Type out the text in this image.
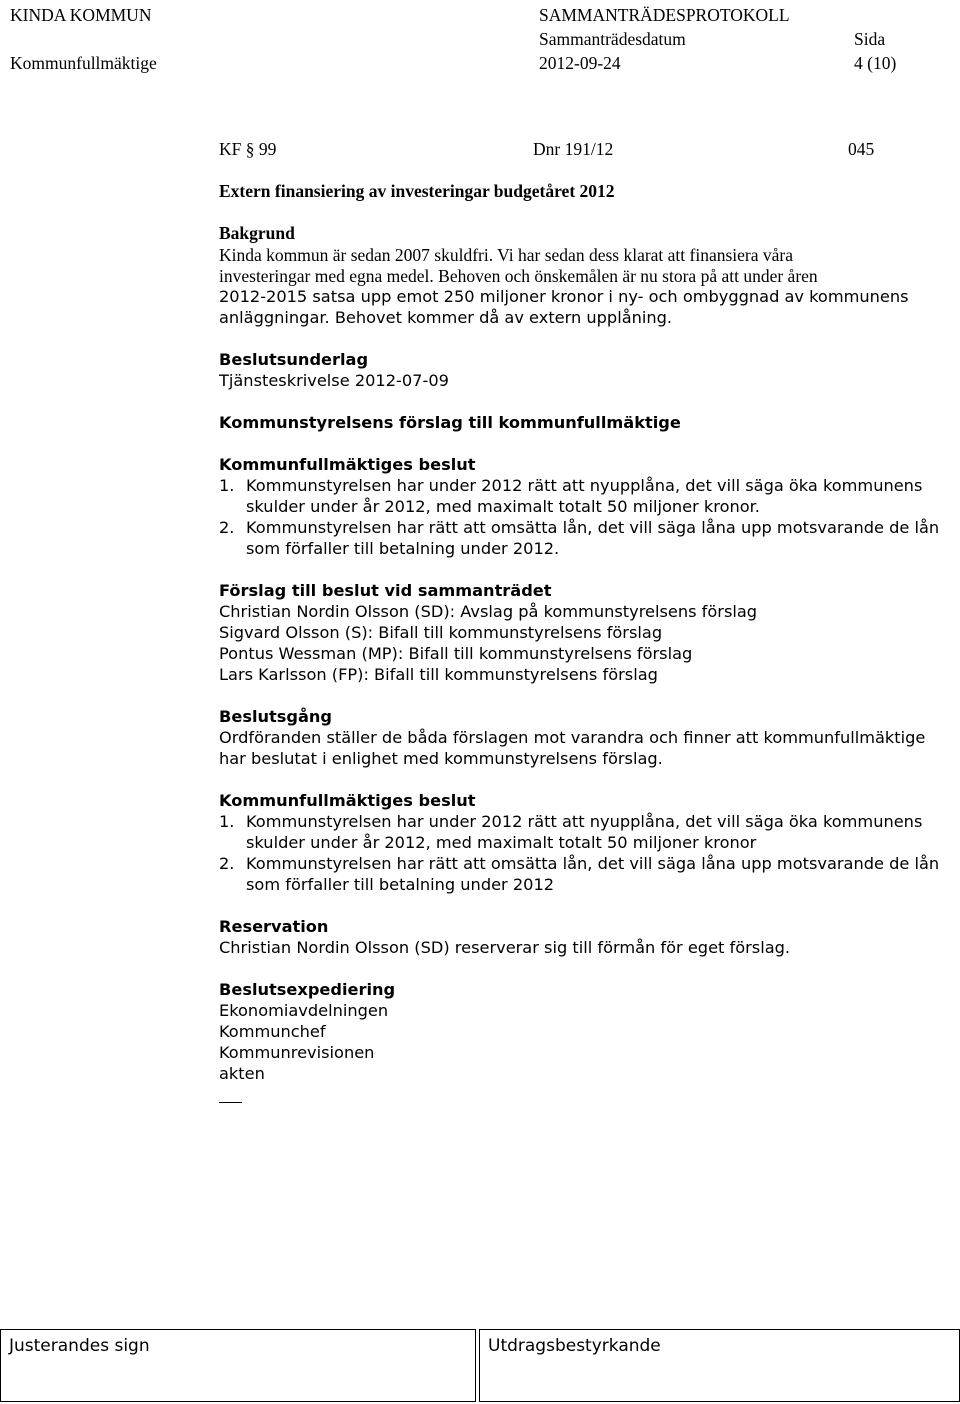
KINDA KOMMUN
Kommunfullmäktige
SAMMANTRÄDESPROTOKOLL
Sammanträdesdatum
2012-09-24
Sida
4 (10)
KF § 99	Dnr 191/12	045
Extern finansiering av investeringar budgetåret 2012
Bakgrund
Kinda kommun är sedan 2007 skuldfri. Vi har sedan dess klarat att finansiera våra
investeringar med egna medel. Behoven och önskemålen är nu stora på att under åren
2012-2015 satsa upp emot 250 miljoner kronor i ny- och ombyggnad av kommunens
anläggningar. Behovet kommer då av extern upplåning.
Beslutsunderlag
Tjänsteskrivelse 2012-07-09
Kommunstyrelsens förslag till kommunfullmäktige
Kommunfullmäktiges beslut
1. Kommunstyrelsen har under 2012 rätt att nyupplåna, det vill säga öka kommunens
skulder under år 2012, med maximalt totalt 50 miljoner kronor.
2. Kommunstyrelsen har rätt att omsätta lån, det vill säga låna upp motsvarande de lån
som förfaller till betalning under 2012.
Förslag till beslut vid sammanträdet
Christian Nordin Olsson (SD): Avslag på kommunstyrelsens förslag
Sigvard Olsson (S): Bifall till kommunstyrelsens förslag
Pontus Wessman (MP): Bifall till kommunstyrelsens förslag
Lars Karlsson (FP): Bifall till kommunstyrelsens förslag
Beslutsgång
Ordföranden ställer de båda förslagen mot varandra och finner att kommunfullmäktige
har beslutat i enlighet med kommunstyrelsens förslag.
Kommunfullmäktiges beslut
1. Kommunstyrelsen har under 2012 rätt att nyupplåna, det vill säga öka kommunens
skulder under år 2012, med maximalt totalt 50 miljoner kronor
2. Kommunstyrelsen har rätt att omsätta lån, det vill säga låna upp motsvarande de lån
som förfaller till betalning under 2012
Reservation
Christian Nordin Olsson (SD) reserverar sig till förmån för eget förslag.
Beslutsexpediering
Ekonomiavdelningen
Kommunchef
Kommunrevisionen
akten
Justerandes sign	Utdragsbestyrkande
